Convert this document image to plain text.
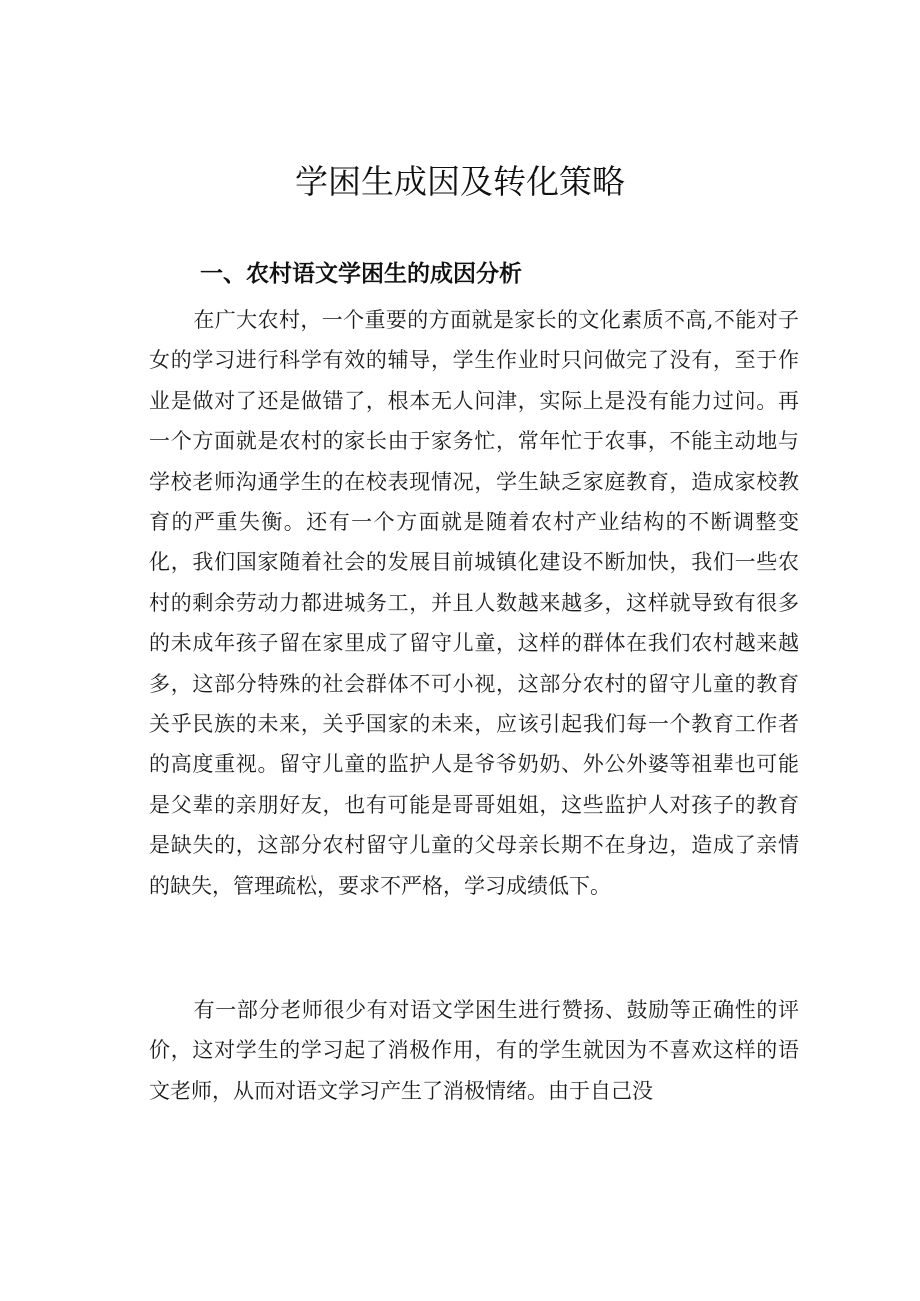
学困生成因及转化策略
一、农村语文学困生的成因分析

在广大农村，一个重要的方面就是家长的文化素质不高,不能对子女的学习进行科学有效的辅导，学生作业时只问做完了没有，至于作业是做对了还是做错了，根本无人问津，实际上是没有能力过问。再一个方面就是农村的家长由于家务忙，常年忙于农事，不能主动地与学校老师沟通学生的在校表现情况，学生缺乏家庭教育，造成家校教育的严重失衡。还有一个方面就是随着农村产业结构的不断调整变化，我们国家随着社会的发展目前城镇化建设不断加快，我们一些农村的剩余劳动力都进城务工，并且人数越来越多，这样就导致有很多的未成年孩子留在家里成了留守儿童，这样的群体在我们农村越来越多，这部分特殊的社会群体不可小视，这部分农村的留守儿童的教育关乎民族的未来，关乎国家的未来，应该引起我们每一个教育工作者的高度重视。留守儿童的监护人是爷爷奶奶、外公外婆等祖辈也可能是父辈的亲朋好友，也有可能是哥哥姐姐，这些监护人对孩子的教育是缺失的，这部分农村留守儿童的父母亲长期不在身边，造成了亲情的缺失，管理疏松，要求不严格，学习成绩低下。

有一部分老师很少有对语文学困生进行赞扬、鼓励等正确性的评价，这对学生的学习起了消极作用，有的学生就因为不喜欢这样的语文老师，从而对语文学习产生了消极情绪。由于自己没
